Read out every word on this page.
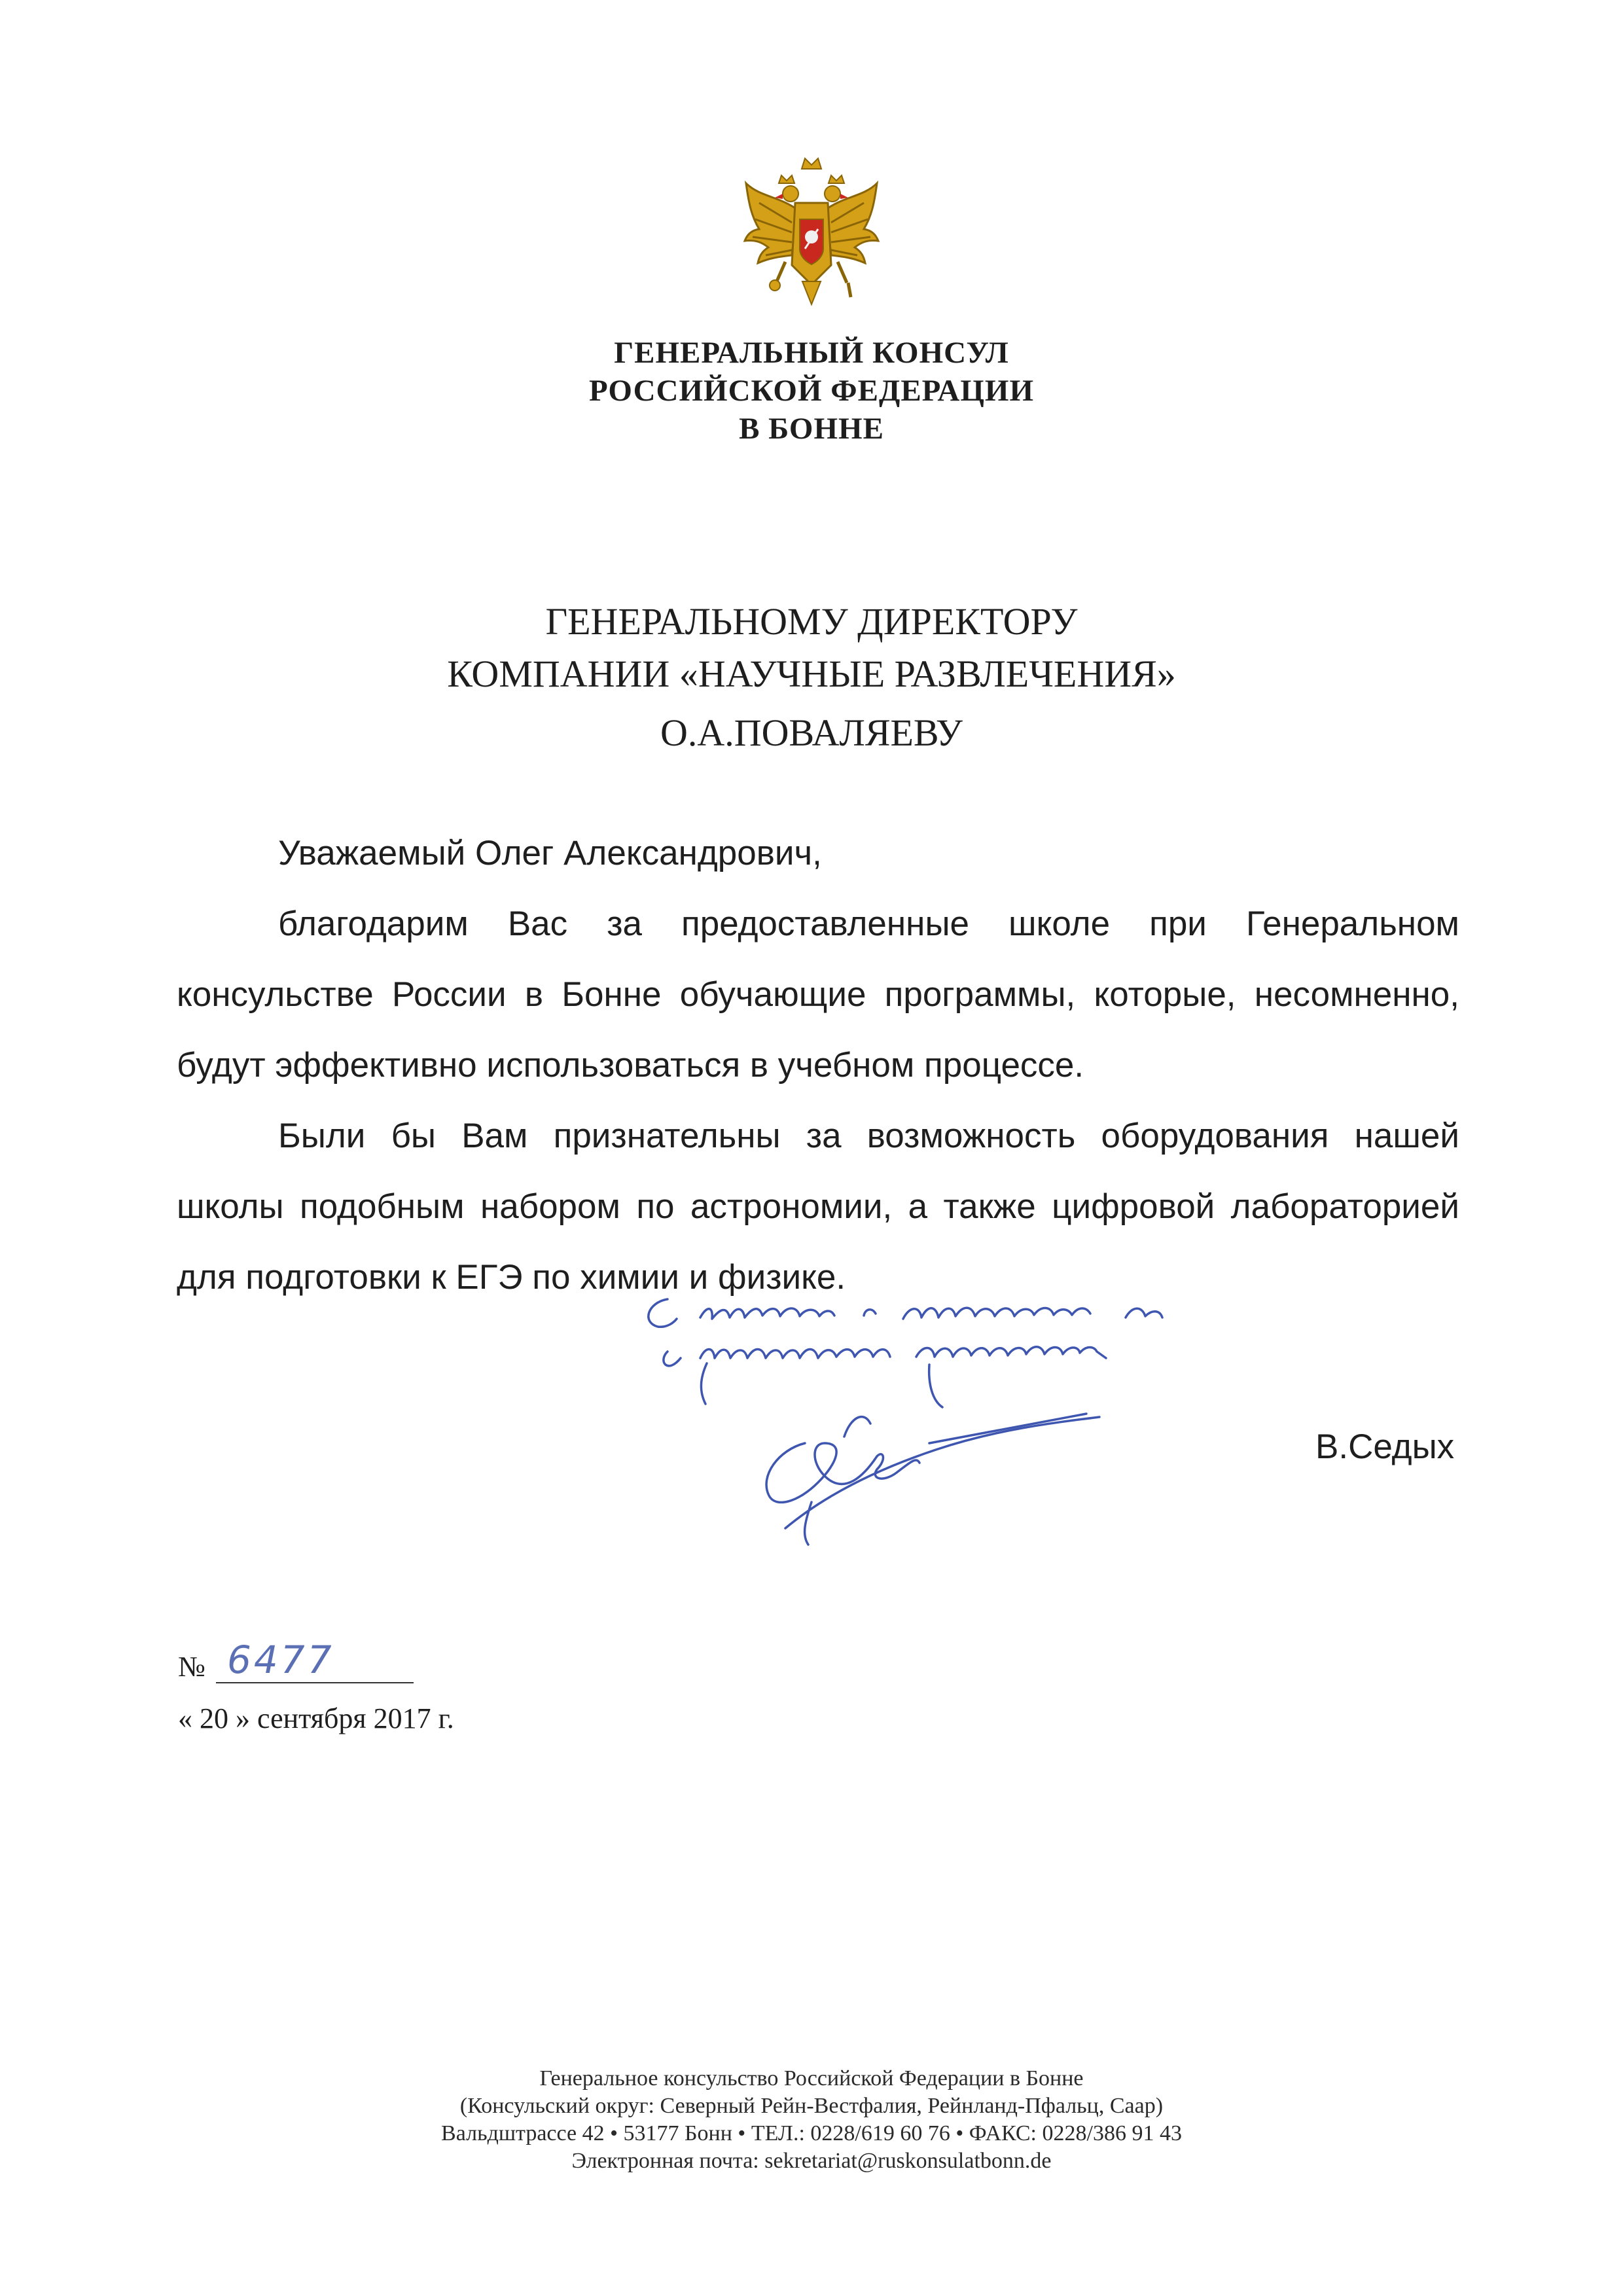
ГЕНЕРАЛЬНЫЙ КОНСУЛ
РОССИЙСКОЙ ФЕДЕРАЦИИ
В БОННЕ
ГЕНЕРАЛЬНОМУ ДИРЕКТОРУ
КОМПАНИИ «НАУЧНЫЕ РАЗВЛЕЧЕНИЯ»
О.А.ПОВАЛЯЕВУ

Уважаемый Олег Александрович,

благодарим Вас за предоставленные школе при Генеральном консульстве России в Бонне обучающие программы, которые, несомненно, будут эффективно использоваться в учебном процессе.

Были бы Вам признательны за возможность оборудования нашей школы подобным набором по астрономии, а также цифровой лабораторией для подготовки к ЕГЭ по химии и физике.

В.Седых
№ 6477
« 20 » сентября 2017 г.
Генеральное консульство Российской Федерации в Бонне
(Консульский округ: Северный Рейн-Вестфалия, Рейнланд-Пфальц, Саар)
Вальдштрассе 42 • 53177 Бонн • ТЕЛ.: 0228/619 60 76 • ФАКС: 0228/386 91 43
Электронная почта: sekretariat@ruskonsulatbonn.de
